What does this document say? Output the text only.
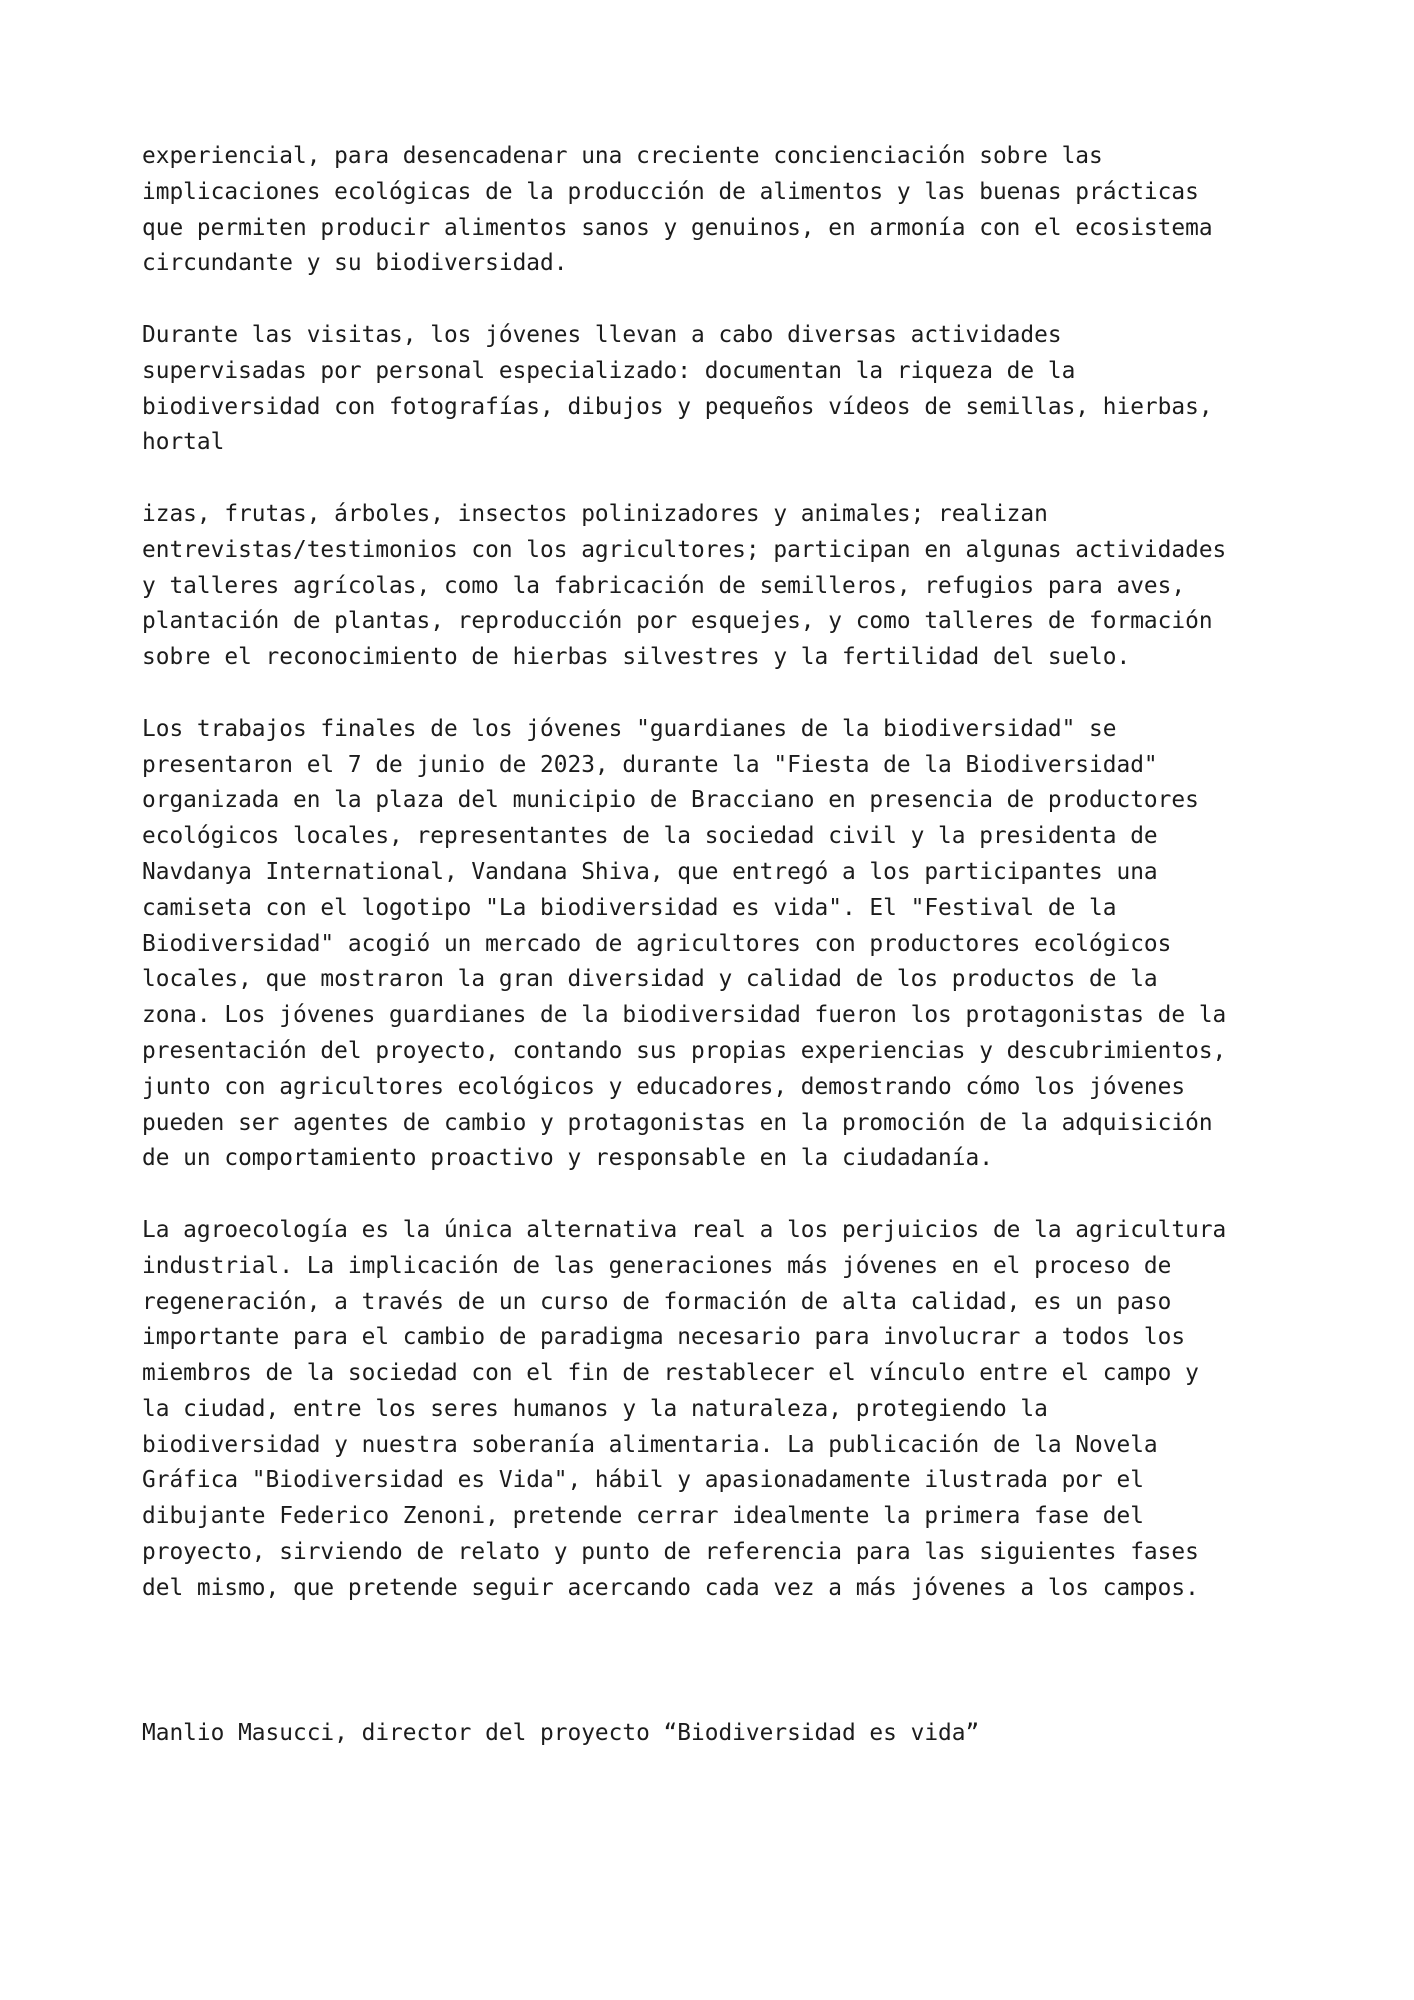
experiencial, para desencadenar una creciente concienciación sobre las
implicaciones ecológicas de la producción de alimentos y las buenas prácticas
que permiten producir alimentos sanos y genuinos, en armonía con el ecosistema
circundante y su biodiversidad.
Durante las visitas, los jóvenes llevan a cabo diversas actividades
supervisadas por personal especializado: documentan la riqueza de la
biodiversidad con fotografías, dibujos y pequeños vídeos de semillas, hierbas,
hortal
izas, frutas, árboles, insectos polinizadores y animales; realizan
entrevistas/testimonios con los agricultores; participan en algunas actividades
y talleres agrícolas, como la fabricación de semilleros, refugios para aves,
plantación de plantas, reproducción por esquejes, y como talleres de formación
sobre el reconocimiento de hierbas silvestres y la fertilidad del suelo.
Los trabajos finales de los jóvenes "guardianes de la biodiversidad" se
presentaron el 7 de junio de 2023, durante la "Fiesta de la Biodiversidad"
organizada en la plaza del municipio de Bracciano en presencia de productores
ecológicos locales, representantes de la sociedad civil y la presidenta de
Navdanya International, Vandana Shiva, que entregó a los participantes una
camiseta con el logotipo "La biodiversidad es vida". El "Festival de la
Biodiversidad" acogió un mercado de agricultores con productores ecológicos
locales, que mostraron la gran diversidad y calidad de los productos de la
zona. Los jóvenes guardianes de la biodiversidad fueron los protagonistas de la
presentación del proyecto, contando sus propias experiencias y descubrimientos,
junto con agricultores ecológicos y educadores, demostrando cómo los jóvenes
pueden ser agentes de cambio y protagonistas en la promoción de la adquisición
de un comportamiento proactivo y responsable en la ciudadanía.
La agroecología es la única alternativa real a los perjuicios de la agricultura
industrial. La implicación de las generaciones más jóvenes en el proceso de
regeneración, a través de un curso de formación de alta calidad, es un paso
importante para el cambio de paradigma necesario para involucrar a todos los
miembros de la sociedad con el fin de restablecer el vínculo entre el campo y
la ciudad, entre los seres humanos y la naturaleza, protegiendo la
biodiversidad y nuestra soberanía alimentaria. La publicación de la Novela
Gráfica "Biodiversidad es Vida", hábil y apasionadamente ilustrada por el
dibujante Federico Zenoni, pretende cerrar idealmente la primera fase del
proyecto, sirviendo de relato y punto de referencia para las siguientes fases
del mismo, que pretende seguir acercando cada vez a más jóvenes a los campos.
Manlio Masucci, director del proyecto “Biodiversidad es vida”
